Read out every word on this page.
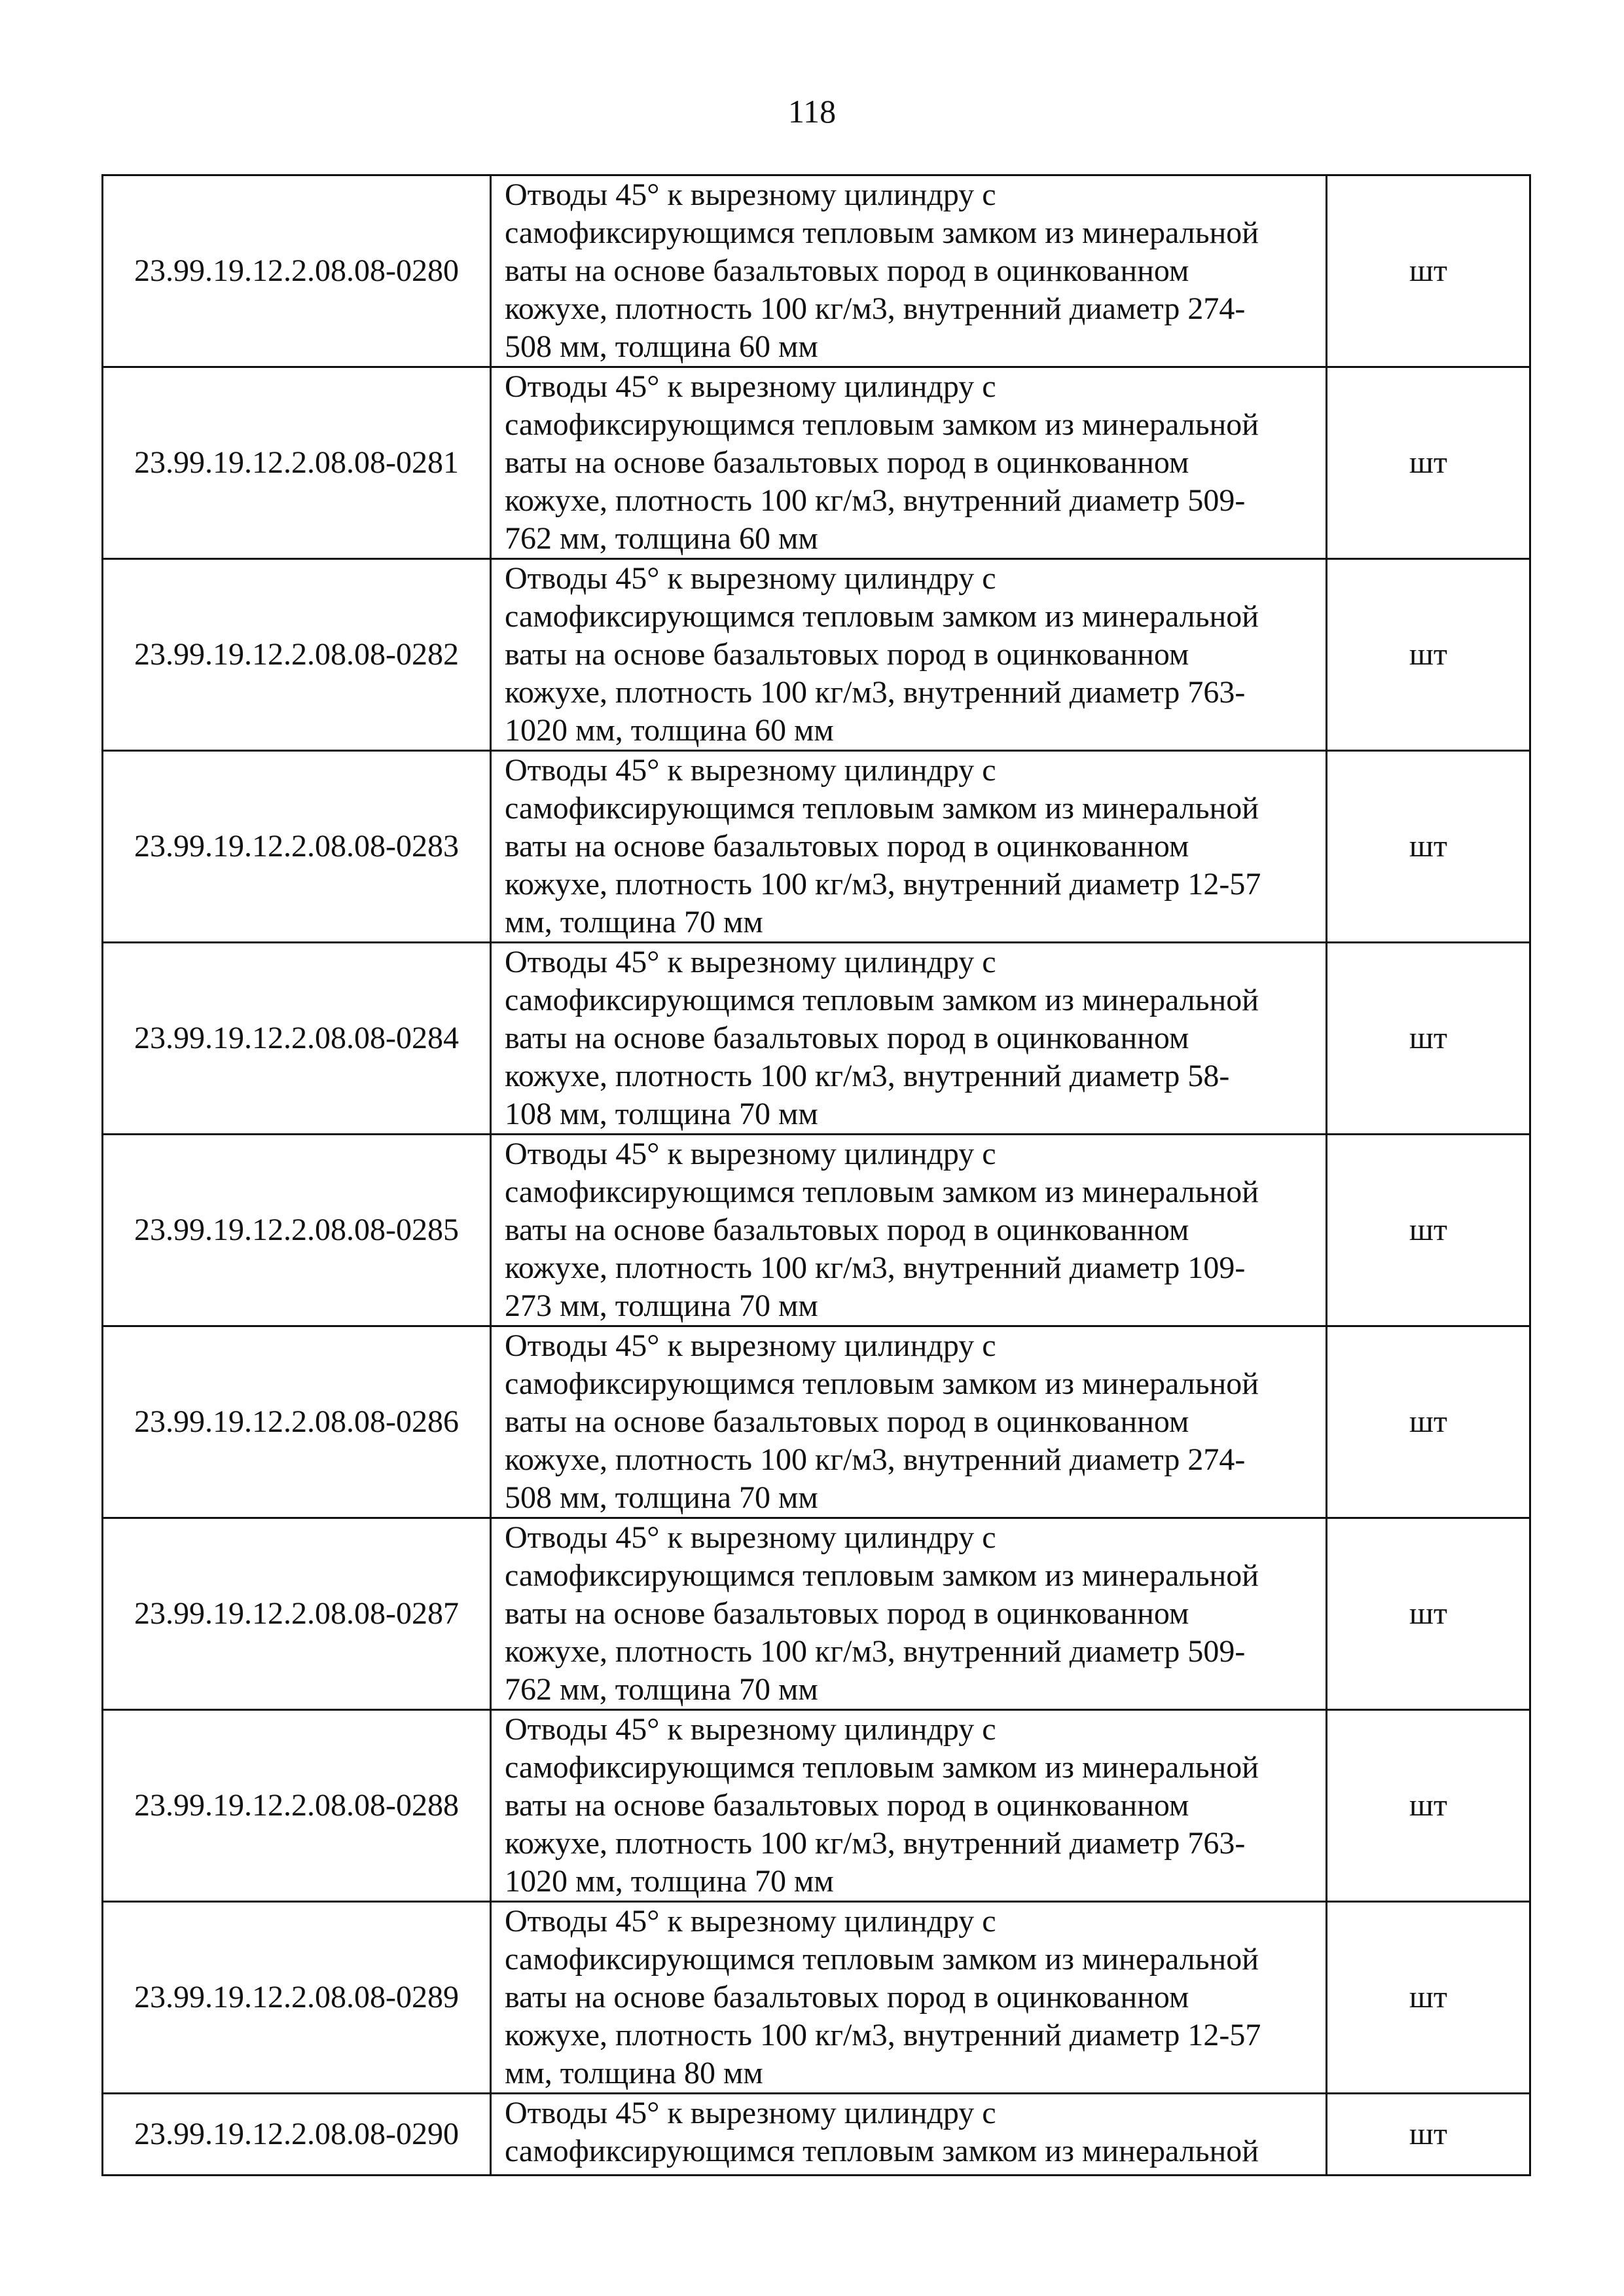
118
23.99.19.12.2.08.08-0280	Отводы 45° к вырезному цилиндру с
самофиксирующимся тепловым замком из минеральной
ваты на основе базальтовых пород в оцинкованном
кожухе, плотность 100 кг/м3, внутренний диаметр 274-
508 мм, толщина 60 мм	шт
23.99.19.12.2.08.08-0281	Отводы 45° к вырезному цилиндру с
самофиксирующимся тепловым замком из минеральной
ваты на основе базальтовых пород в оцинкованном
кожухе, плотность 100 кг/м3, внутренний диаметр 509-
762 мм, толщина 60 мм	шт
23.99.19.12.2.08.08-0282	Отводы 45° к вырезному цилиндру с
самофиксирующимся тепловым замком из минеральной
ваты на основе базальтовых пород в оцинкованном
кожухе, плотность 100 кг/м3, внутренний диаметр 763-
1020 мм, толщина 60 мм	шт
23.99.19.12.2.08.08-0283	Отводы 45° к вырезному цилиндру с
самофиксирующимся тепловым замком из минеральной
ваты на основе базальтовых пород в оцинкованном
кожухе, плотность 100 кг/м3, внутренний диаметр 12-57
мм, толщина 70 мм	шт
23.99.19.12.2.08.08-0284	Отводы 45° к вырезному цилиндру с
самофиксирующимся тепловым замком из минеральной
ваты на основе базальтовых пород в оцинкованном
кожухе, плотность 100 кг/м3, внутренний диаметр 58-
108 мм, толщина 70 мм	шт
23.99.19.12.2.08.08-0285	Отводы 45° к вырезному цилиндру с
самофиксирующимся тепловым замком из минеральной
ваты на основе базальтовых пород в оцинкованном
кожухе, плотность 100 кг/м3, внутренний диаметр 109-
273 мм, толщина 70 мм	шт
23.99.19.12.2.08.08-0286	Отводы 45° к вырезному цилиндру с
самофиксирующимся тепловым замком из минеральной
ваты на основе базальтовых пород в оцинкованном
кожухе, плотность 100 кг/м3, внутренний диаметр 274-
508 мм, толщина 70 мм	шт
23.99.19.12.2.08.08-0287	Отводы 45° к вырезному цилиндру с
самофиксирующимся тепловым замком из минеральной
ваты на основе базальтовых пород в оцинкованном
кожухе, плотность 100 кг/м3, внутренний диаметр 509-
762 мм, толщина 70 мм	шт
23.99.19.12.2.08.08-0288	Отводы 45° к вырезному цилиндру с
самофиксирующимся тепловым замком из минеральной
ваты на основе базальтовых пород в оцинкованном
кожухе, плотность 100 кг/м3, внутренний диаметр 763-
1020 мм, толщина 70 мм	шт
23.99.19.12.2.08.08-0289	Отводы 45° к вырезному цилиндру с
самофиксирующимся тепловым замком из минеральной
ваты на основе базальтовых пород в оцинкованном
кожухе, плотность 100 кг/м3, внутренний диаметр 12-57
мм, толщина 80 мм	шт
23.99.19.12.2.08.08-0290	Отводы 45° к вырезному цилиндру с
самофиксирующимся тепловым замком из минеральной	шт
